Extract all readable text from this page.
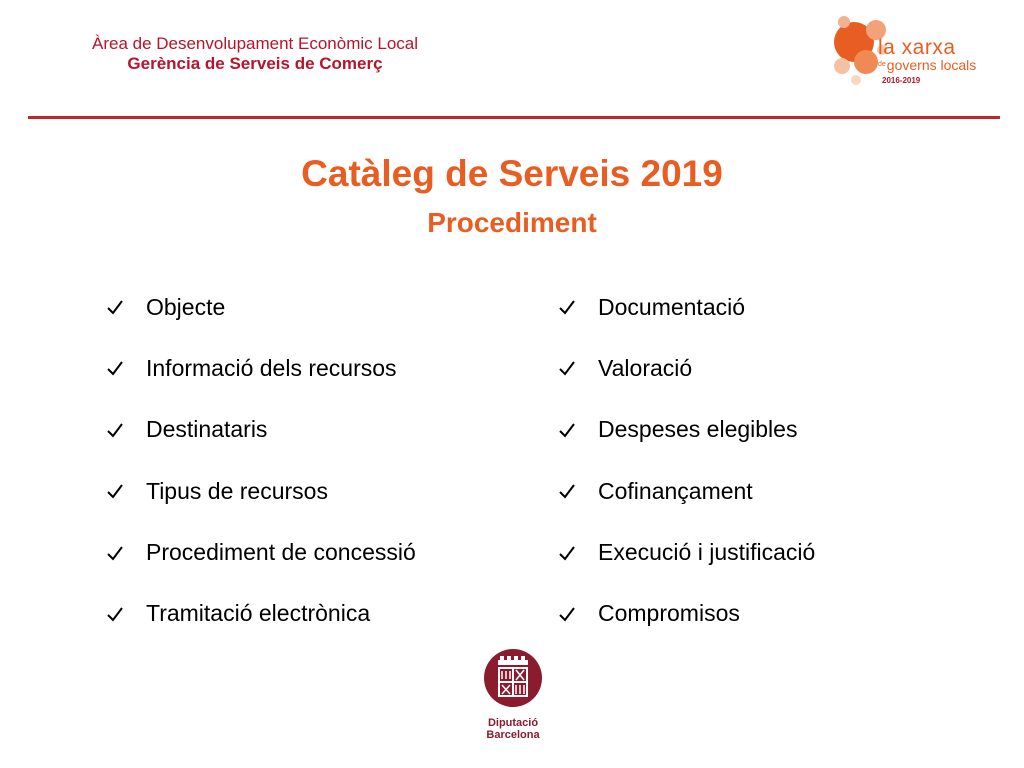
Àrea de Desenvolupament Econòmic Local
Gerència de Serveis de Comerç
la xarxa
degoverns locals
2016-2019
Catàleg de Serveis 2019
Procediment
Objecte
Informació dels recursos
Destinataris
Tipus de recursos
Procediment de concessió
Tramitació electrònica
Documentació
Valoració
Despeses elegibles
Cofinançament
Execució i justificació
Compromisos
Diputació
Barcelona
